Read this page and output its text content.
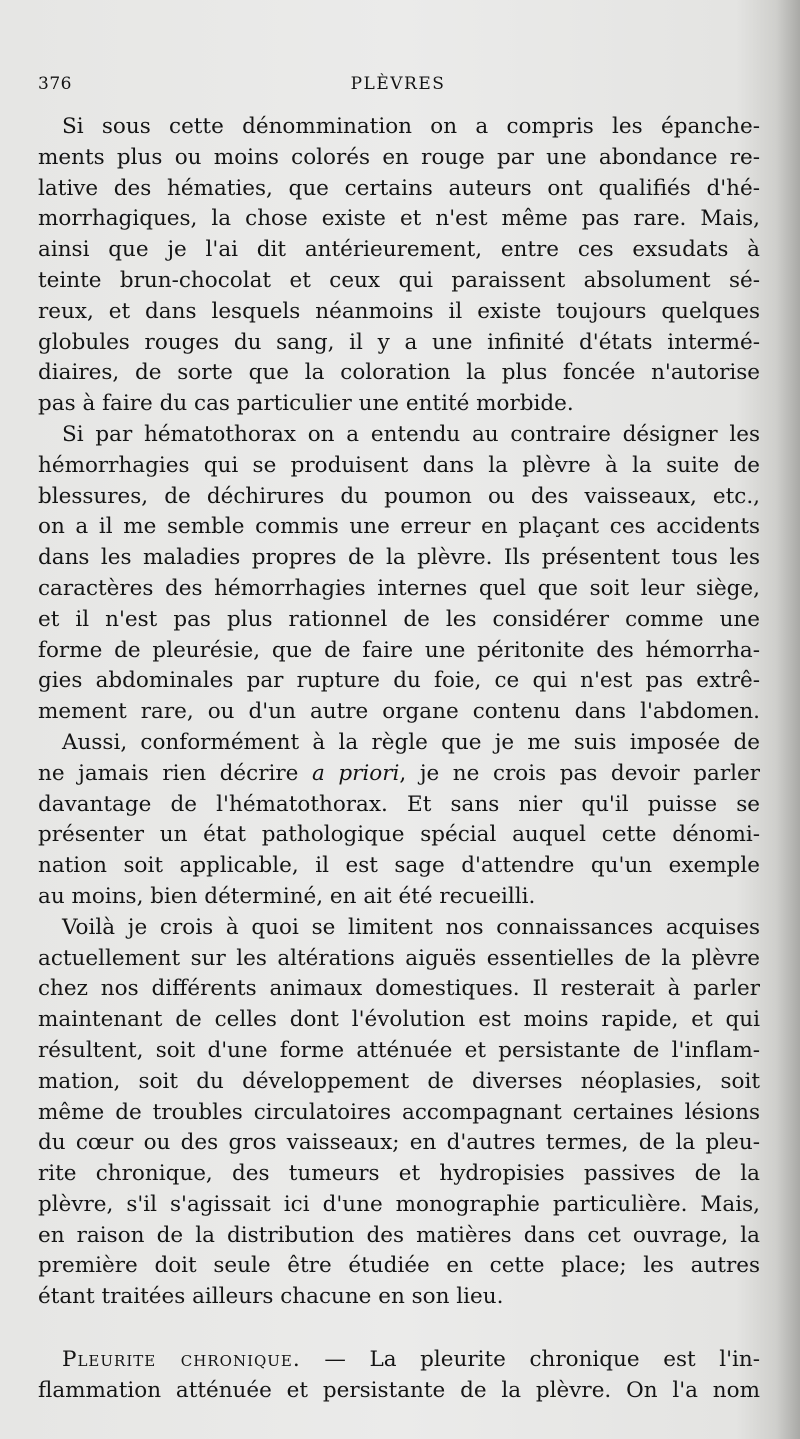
376	PLÈVRES
Si sous cette dénommination on a compris les épanche-
ments plus ou moins colorés en rouge par une abondance re-
lative des hématies, que certains auteurs ont qualifiés d'hé-
morrhagiques, la chose existe et n'est même pas rare. Mais,
ainsi que je l'ai dit antérieurement, entre ces exsudats à
teinte brun-chocolat et ceux qui paraissent absolument sé-
reux, et dans lesquels néanmoins il existe toujours quelques
globules rouges du sang, il y a une infinité d'états intermé-
diaires, de sorte que la coloration la plus foncée n'autorise
pas à faire du cas particulier une entité morbide.
Si par hématothorax on a entendu au contraire désigner les
hémorrhagies qui se produisent dans la plèvre à la suite de
blessures, de déchirures du poumon ou des vaisseaux, etc.,
on a il me semble commis une erreur en plaçant ces accidents
dans les maladies propres de la plèvre. Ils présentent tous les
caractères des hémorrhagies internes quel que soit leur siège,
et il n'est pas plus rationnel de les considérer comme une
forme de pleurésie, que de faire une péritonite des hémorrha-
gies abdominales par rupture du foie, ce qui n'est pas extrê-
mement rare, ou d'un autre organe contenu dans l'abdomen.
Aussi, conformément à la règle que je me suis imposée de
ne jamais rien décrire a priori, je ne crois pas devoir parler
davantage de l'hématothorax. Et sans nier qu'il puisse se
présenter un état pathologique spécial auquel cette dénomi-
nation soit applicable, il est sage d'attendre qu'un exemple
au moins, bien déterminé, en ait été recueilli.
Voilà je crois à quoi se limitent nos connaissances acquises
actuellement sur les altérations aiguës essentielles de la plèvre
chez nos différents animaux domestiques. Il resterait à parler
maintenant de celles dont l'évolution est moins rapide, et qui
résultent, soit d'une forme atténuée et persistante de l'inflam-
mation, soit du développement de diverses néoplasies, soit
même de troubles circulatoires accompagnant certaines lésions
du cœur ou des gros vaisseaux; en d'autres termes, de la pleu-
rite chronique, des tumeurs et hydropisies passives de la
plèvre, s'il s'agissait ici d'une monographie particulière. Mais,
en raison de la distribution des matières dans cet ouvrage, la
première doit seule être étudiée en cette place; les autres
étant traitées ailleurs chacune en son lieu.
Pleurite chronique. — La pleurite chronique est l'in-
flammation atténuée et persistante de la plèvre. On l'a nom
